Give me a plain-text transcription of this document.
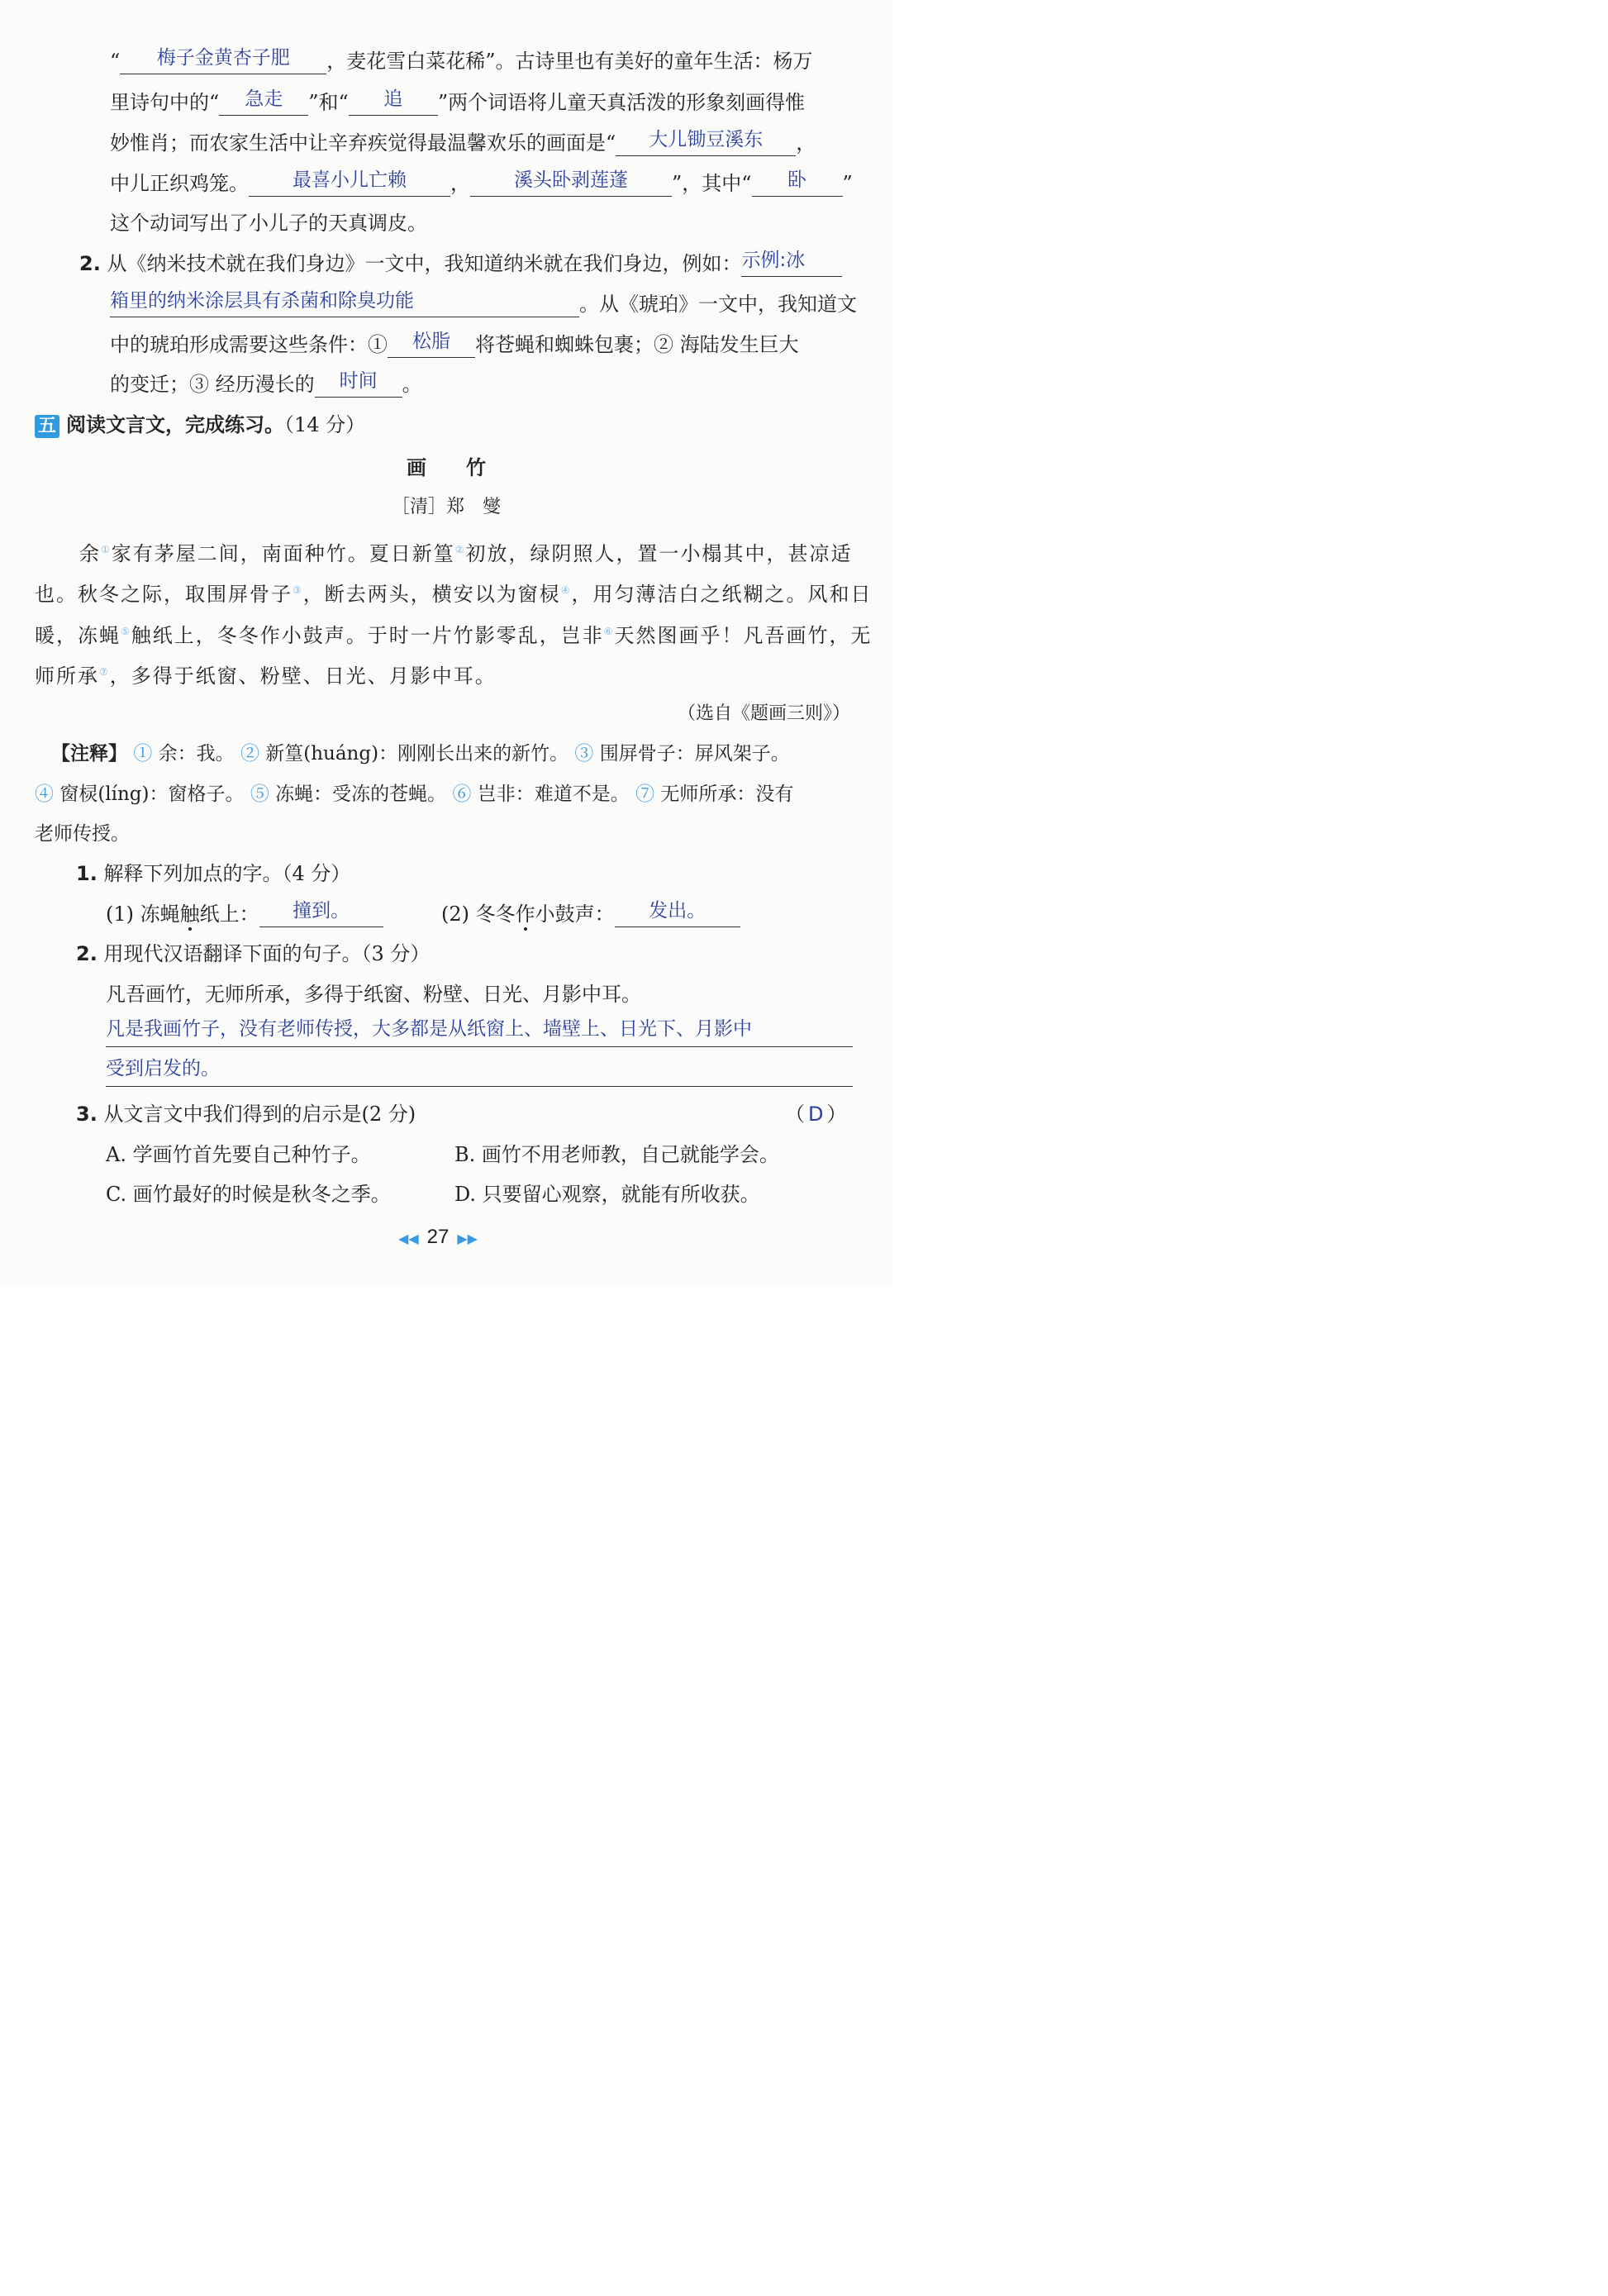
“	梅子金黄杏子肥	，麦花雪白菜花稀”。古诗里也有美好的童年生活：杨万
里诗句中的“	急走	”和“	追	”两个词语将儿童天真活泼的形象刻画得惟
妙惟肖；而农家生活中让辛弃疾觉得最温馨欢乐的画面是“	大儿锄豆溪东	，
中儿正织鸡笼。	最喜小儿亡赖	，	溪头卧剥莲蓬	”，其中“	卧	”
这个动词写出了小儿子的天真调皮。
2. 从《纳米技术就在我们身边》一文中，我知道纳米就在我们身边，例如： 示例:冰
箱里的纳米涂层具有杀菌和除臭功能	。从《琥珀》一文中，我知道文
中的琥珀形成需要这些条件：①	松脂	将苍蝇和蜘蛛包裹；② 海陆发生巨大
的变迁；③ 经历漫长的	时间	。
五 阅读文言文，完成练习。（14 分）
画　　竹
［清］郑　燮
余①家有茅屋二间，南面种竹。夏日新篁②初放，绿阴照人，置一小榻其中，甚凉适
也。秋冬之际，取围屏骨子③，断去两头，横安以为窗棂④，用匀薄洁白之纸糊之。风和日
暖，冻蝇⑤触纸上，冬冬作小鼓声。于时一片竹影零乱，岂非⑥天然图画乎！凡吾画竹，无
师所承⑦，多得于纸窗、粉壁、日光、月影中耳。
（选自《题画三则》）
【注释】 ① 余：我。 ② 新篁(huáng)：刚刚长出来的新竹。 ③ 围屏骨子：屏风架子。
④ 窗棂(líng)：窗格子。 ⑤ 冻蝇：受冻的苍蝇。 ⑥ 岂非：难道不是。 ⑦ 无师所承：没有
老师传授。
1. 解释下列加点的字。（4 分）
(1) 冻蝇触纸上：	撞到。	(2) 冬冬作小鼓声：	发出。
2. 用现代汉语翻译下面的句子。（3 分）
凡吾画竹，无师所承，多得于纸窗、粉壁、日光、月影中耳。
凡是我画竹子，没有老师传授，大多都是从纸窗上、墙壁上、日光下、月影中
受到启发的。
3. 从文言文中我们得到的启示是(2 分)	（ D ）
A. 学画竹首先要自己种竹子。	B. 画竹不用老师教，自己就能学会。
C. 画竹最好的时候是秋冬之季。	D. 只要留心观察，就能有所收获。
◀◀ 27 ▶▶
